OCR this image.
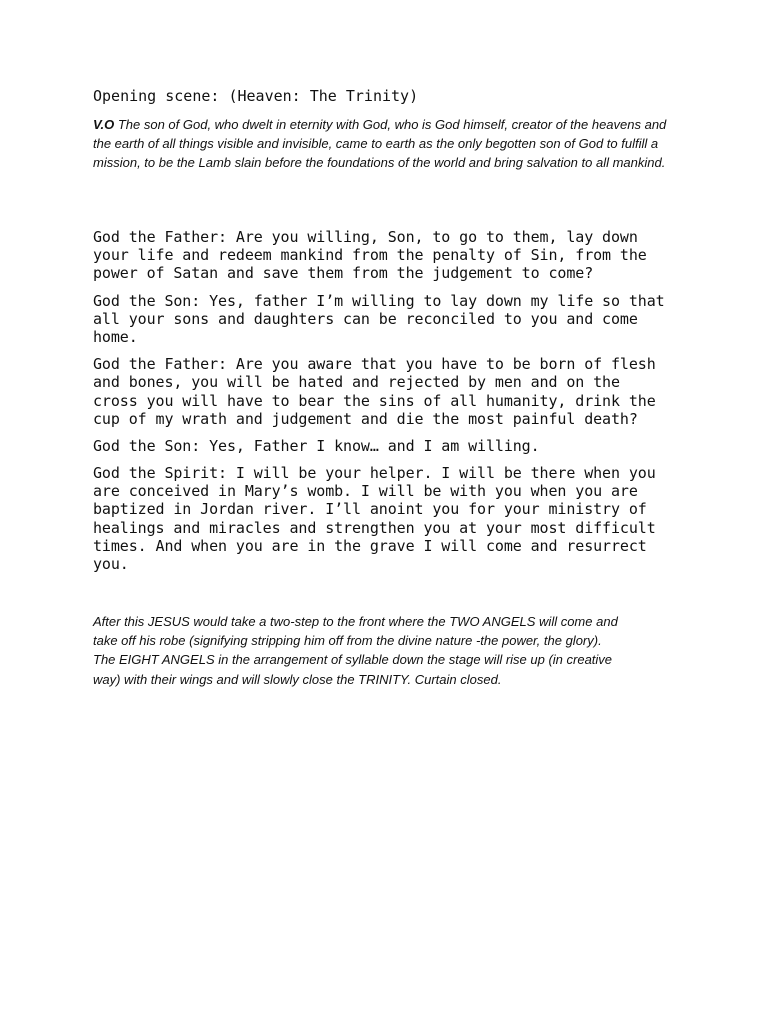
Opening scene: (Heaven: The Trinity)
V.O The son of God, who dwelt in eternity with God, who is God himself, creator of the heavens and the earth of all things visible and invisible, came to earth as the only begotten son of God to fulfill a mission, to be the Lamb slain before the foundations of the world and bring salvation to all mankind.
God the Father: Are you willing, Son, to go to them, lay down
your life and redeem mankind from the penalty of Sin, from the
power of Satan and save them from the judgement to come?
God the Son: Yes, father I’m willing to lay down my life so that
all your sons and daughters can be reconciled to you and come
home.
God the Father: Are you aware that you have to be born of flesh
and bones, you will be hated and rejected by men and on the
cross you will have to bear the sins of all humanity, drink the
cup of my wrath and judgement and die the most painful death?
God the Son: Yes, Father I know… and I am willing.
God the Spirit: I will be your helper. I will be there when you
are conceived in Mary’s womb. I will be with you when you are
baptized in Jordan river. I’ll anoint you for your ministry of
healings and miracles and strengthen you at your most difficult
times. And when you are in the grave I will come and resurrect
you.
After this JESUS would take a two-step to the front where the TWO ANGELS will come and
take off his robe (signifying stripping him off from the divine nature -the power, the glory).
The EIGHT ANGELS in the arrangement of syllable down the stage will rise up (in creative
way) with their wings and will slowly close the TRINITY. Curtain closed.
